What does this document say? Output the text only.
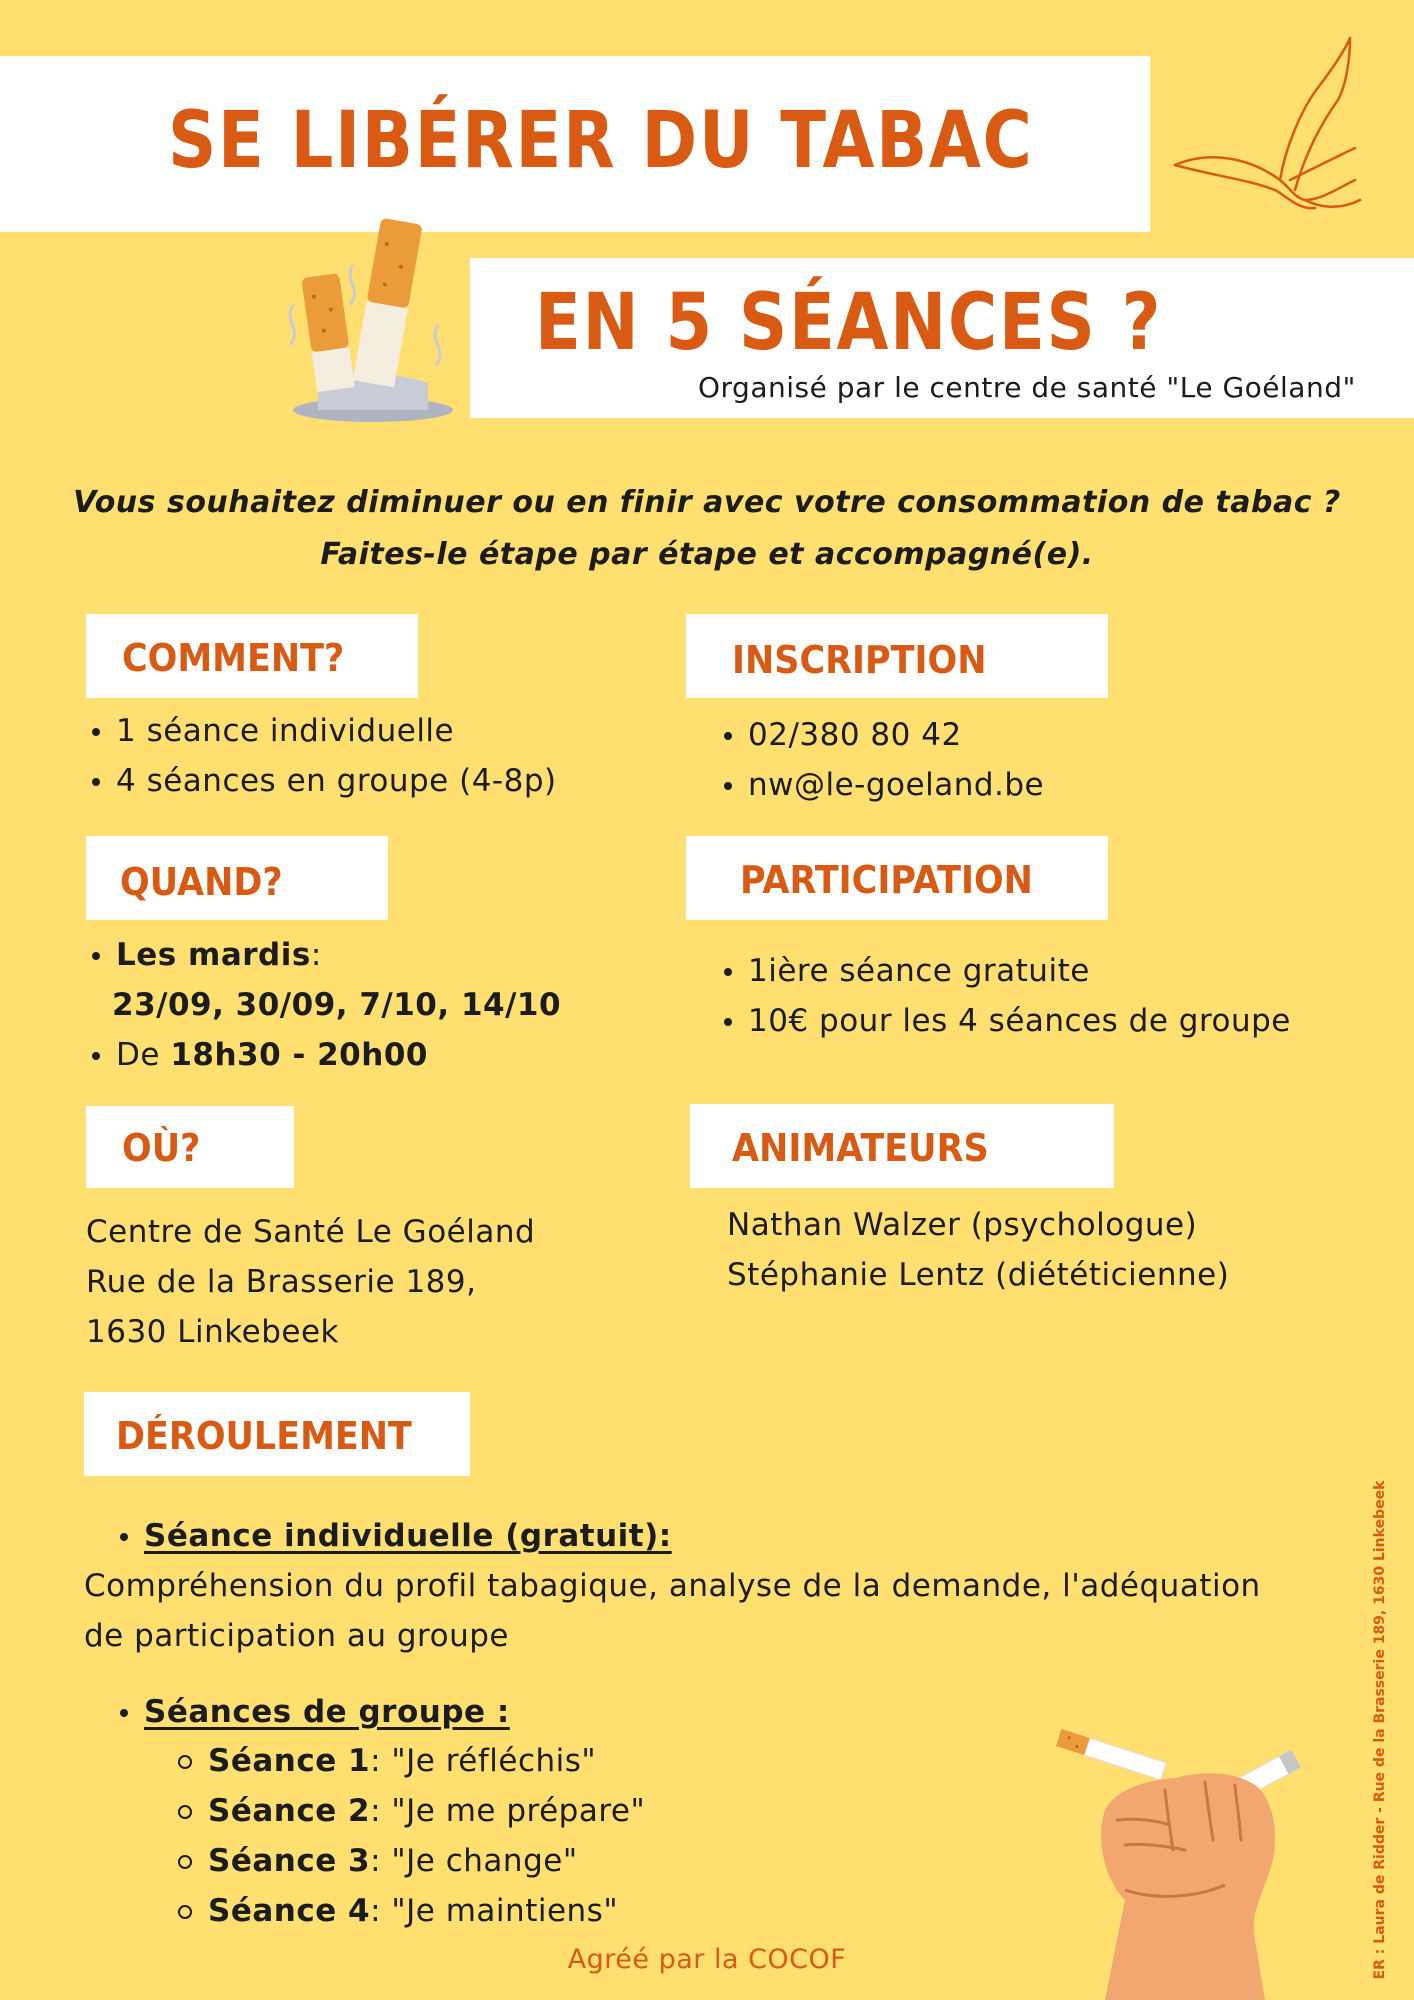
SE LIBÉRER DU TABAC
EN 5 SÉANCES ?
Organisé par le centre de santé "Le Goéland"
Vous souhaitez diminuer ou en finir avec votre consommation de tabac ?
Faites-le étape par étape et accompagné(e).
COMMENT?
1 séance individuelle
4 séances en groupe (4-8p)
INSCRIPTION
02/380 80 42
nw@le-goeland.be
QUAND?
Les mardis:
23/09, 30/09, 7/10, 14/10
De 18h30 - 20h00
PARTICIPATION
1ière séance gratuite
10€ pour les 4 séances de groupe
OÙ?
Centre de Santé Le Goéland
Rue de la Brasserie 189,
1630 Linkebeek
ANIMATEURS
Nathan Walzer (psychologue)
Stéphanie Lentz (diététicienne)
DÉROULEMENT
Séance individuelle (gratuit):
Compréhension du profil tabagique, analyse de la demande, l'adéquation
de participation au groupe
Séances de groupe :
Séance 1: "Je réfléchis"
Séance 2: "Je me prépare"
Séance 3: "Je change"
Séance 4: "Je maintiens"
Agréé par la COCOF	ER : Laura de Ridder - Rue de la Brasserie 189, 1630 Linkebeek
